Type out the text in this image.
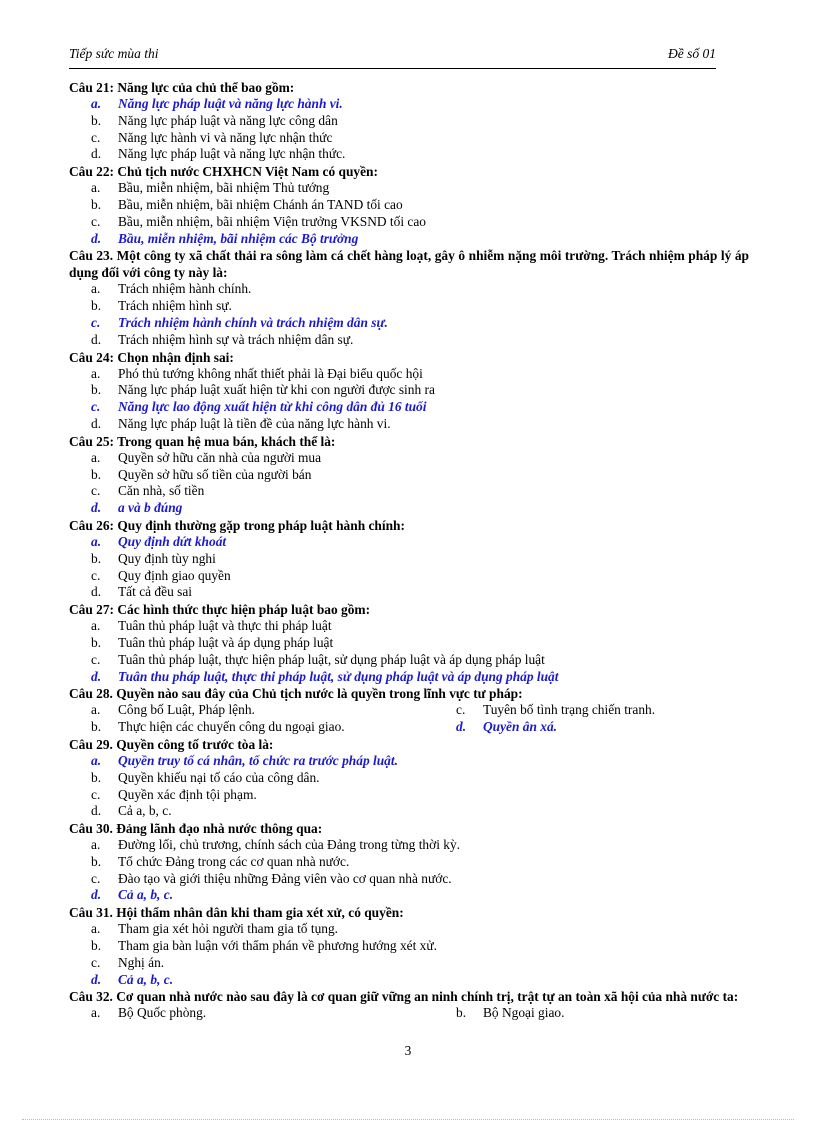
Tiếp sức mùa thi	Đề số 01

Câu 21: Năng lực của chủ thể bao gồm:

a. Năng lực pháp luật và năng lực hành vi.
b. Năng lực pháp luật và năng lực công dân
c. Năng lực hành vi và năng lực nhận thức
d. Năng lực pháp luật và năng lực nhận thức.

Câu 22: Chủ tịch nước CHXHCN Việt Nam có quyền:

a. Bầu, miễn nhiệm, bãi nhiệm Thủ tướng
b. Bầu, miễn nhiệm, bãi nhiệm Chánh án TAND tối cao
c. Bầu, miễn nhiệm, bãi nhiệm Viện trưởng VKSND tối cao
d. Bầu, miễn nhiệm, bãi nhiệm các Bộ trưởng

Câu 23. Một công ty xã chất thải ra sông làm cá chết hàng loạt, gây ô nhiễm nặng môi trường. Trách nhiệm pháp lý áp dụng đối với công ty này là:

a. Trách nhiệm hành chính.
b. Trách nhiệm hình sự.
c. Trách nhiệm hành chính và trách nhiệm dân sự.
d. Trách nhiệm hình sự và trách nhiệm dân sự.

Câu 24: Chọn nhận định sai:

a. Phó thủ tướng không nhất thiết phải là Đại biểu quốc hội
b. Năng lực pháp luật xuất hiện từ khi con người được sinh ra
c. Năng lực lao động xuất hiện từ khi công dân đủ 16 tuổi
d. Năng lực pháp luật là tiền đề của năng lực hành vi.

Câu 25: Trong quan hệ mua bán, khách thể là:

a. Quyền sở hữu căn nhà của người mua
b. Quyền sở hữu số tiền của người bán
c. Căn nhà, số tiền
d. a và b đúng

Câu 26: Quy định thường gặp trong pháp luật hành chính:

a. Quy định dứt khoát
b. Quy định tùy nghi
c. Quy định giao quyền
d. Tất cả đều sai

Câu 27: Các hình thức thực hiện pháp luật bao gồm:

a. Tuân thủ pháp luật và thực thi pháp luật
b. Tuân thủ pháp luật và áp dụng pháp luật
c. Tuân thủ pháp luật, thực hiện pháp luật, sử dụng pháp luật và áp dụng pháp luật
d. Tuân thu pháp luật, thực thi pháp luật, sử dụng pháp luật và áp dụng pháp luật

Câu 28. Quyền nào sau đây của Chủ tịch nước là quyền trong lĩnh vực tư pháp:

a. Công bố Luật, Pháp lệnh.	c. Tuyên bố tình trạng chiến tranh.
b. Thực hiện các chuyến công du ngoại giao.	d. Quyền ân xá.

Câu 29. Quyền công tố trước tòa là:

a. Quyền truy tố cá nhân, tổ chức ra trước pháp luật.
b. Quyền khiếu nại tố cáo của công dân.
c. Quyền xác định tội phạm.
d. Cả a, b, c.

Câu 30. Đảng lãnh đạo nhà nước thông qua:

a. Đường lối, chủ trương, chính sách của Đảng trong từng thời kỳ.
b. Tổ chức Đảng trong các cơ quan nhà nước.
c. Đào tạo và giới thiệu những Đảng viên vào cơ quan nhà nước.
d. Cả a, b, c.

Câu 31. Hội thẩm nhân dân khi tham gia xét xử, có quyền:

a. Tham gia xét hỏi người tham gia tố tụng.
b. Tham gia bàn luận với thẩm phán về phương hướng xét xử.
c. Nghị án.
d. Cả a, b, c.

Câu 32. Cơ quan nhà nước nào sau đây là cơ quan giữ vững an ninh chính trị, trật tự an toàn xã hội của nhà nước ta:

a. Bộ Quốc phòng.	b. Bộ Ngoại giao.
3
